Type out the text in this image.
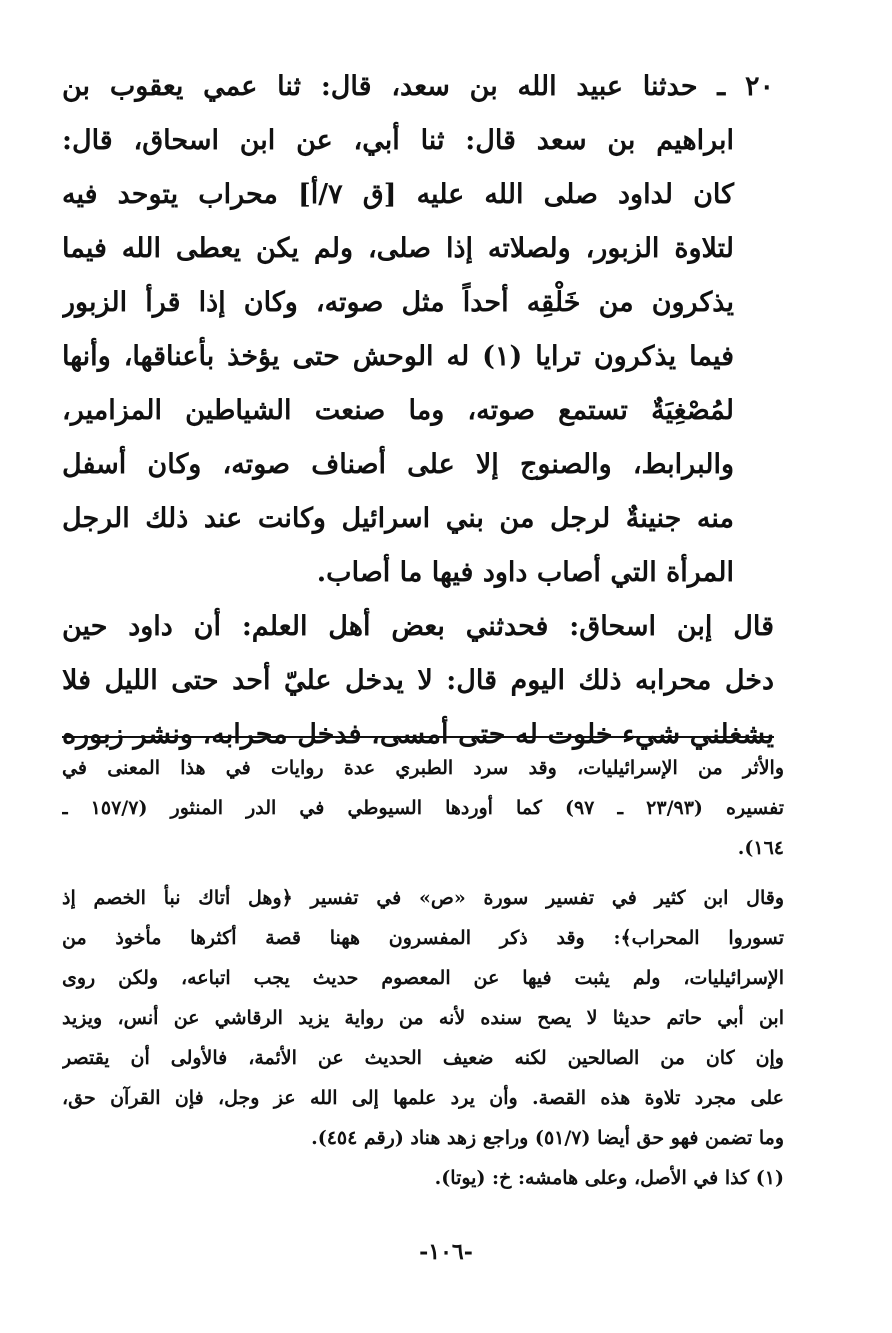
٢٠ ـ حدثنا عبيد الله بن سعد، قال: ثنا عمي يعقوب بن
ابراهيم بن سعد قال: ثنا أبي، عن ابن اسحاق، قال:
كان لداود صلى الله عليه [ق ٧/أ] محراب يتوحد فيه
لتلاوة الزبور، ولصلاته إذا صلى، ولم يكن يعطى الله فيما
يذكرون من خَلْقِه أحداً مثل صوته، وكان إذا قرأ الزبور
فيما يذكرون ترايا (١) له الوحش حتى يؤخذ بأعناقها، وأنها
لمُصْغِيَةٌ تستمع صوته، وما صنعت الشياطين المزامير،
والبرابط، والصنوج إلا على أصناف صوته، وكان أسفل
منه جنينةٌ لرجل من بني اسرائيل وكانت عند ذلك الرجل
المرأة التي أصاب داود فيها ما أصاب.
قال إبن اسحاق: فحدثني بعض أهل العلم: أن داود حين
دخل محرابه ذلك اليوم قال: لا يدخل عليّ أحد حتى الليل فلا
يشغلني شيء خلوت له حتى أمسى، فدخل محرابه، ونشر زبوره
والأثر من الإسرائيليات، وقد سرد الطبري عدة روايات في هذا المعنى في
تفسيره (٢٣/٩٣ ـ ٩٧) كما أوردها السيوطي في الدر المنثور (١٥٧/٧ ـ
١٦٤).
وقال ابن كثير في تفسير سورة «ص» في تفسير ﴿وهل أتاك نبأ الخصم إذ
تسوروا المحراب﴾: وقد ذكر المفسرون ههنا قصة أكثرها مأخوذ من
الإسرائيليات، ولم يثبت فيها عن المعصوم حديث يجب اتباعه، ولكن روى
ابن أبي حاتم حديثا لا يصح سنده لأنه من رواية يزيد الرقاشي عن أنس، ويزيد
وإن كان من الصالحين لكنه ضعيف الحديث عن الأئمة، فالأولى أن يقتصر
على مجرد تلاوة هذه القصة. وأن يرد علمها إلى الله عز وجل، فإن القرآن حق،
وما تضمن فهو حق أيضا (٥١/٧) وراجع زهد هناد (رقم ٤٥٤).
(١) كذا في الأصل، وعلى هامشه: خ: (يوتا).
-١٠٦-
